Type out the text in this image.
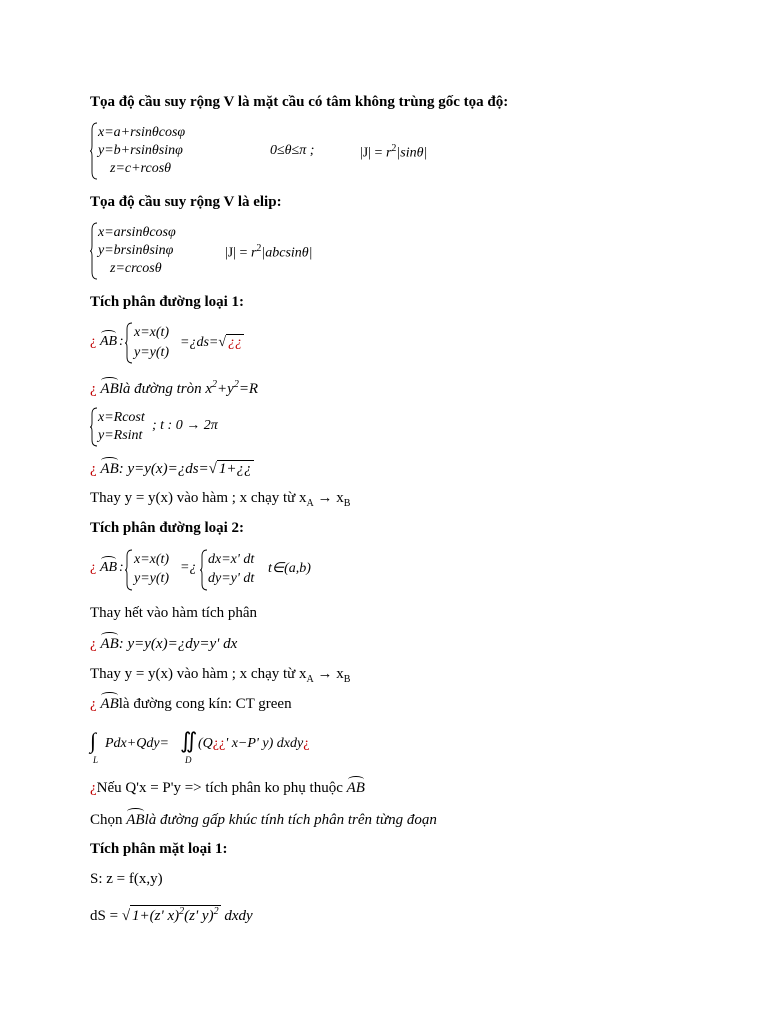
Tọa độ cầu suy rộng V là mặt cầu có tâm không trùng gốc tọa độ:
x=a+rsinθcosφ
y=b+rsinθsinφ
z=c+rcosθ
0≤θ≤π ;	$|J| = r^2|\sin\theta|$
Tọa độ cầu suy rộng V là elip:
x=arsinθcosφ
y=brsinθsinφ
z=crcosθ
$|J| = r^2|abcsin\theta|$
Tích phân đường loại 1:
¿ AB :
x=x(t)
y=y(t)
=¿ds=√ ¿¿
¿ ABlà đường tròn $x^2+y^2=R$
x=Rcost
y=Rsint
; t : 0 → 2π
¿ AB: y=y(x)=¿ds=√ 1+¿¿
Thay y = y(x) vào hàm ; x chạy từ $x_A \to x_B$
Tích phân đường loại 2:
¿ AB :
x=x(t)
y=y(t)
=¿
dx=x' dt
dy=y' dt
t∈(a,b)
Thay hết vào hàm tích phân
¿ AB: y=y(x)=¿dy=y' dx
Thay y = y(x) vào hàm ; x chạy từ $x_A \to x_B$
¿ ABlà đường cong kín: CT green
∫
L
Pdx+Qdy= ∬
D
(Q¿¿' x−P' y) dxdy¿
¿Nếu Q'x = P'y => tích phân ko phụ thuộc AB
Chọn ABlà đường gấp khúc tính tích phân trên từng đoạn
Tích phân mặt loại 1:
S: z = f(x,y)
dS = √ 1+(z' x)$^2$(z' y)$^2$ dxdy
